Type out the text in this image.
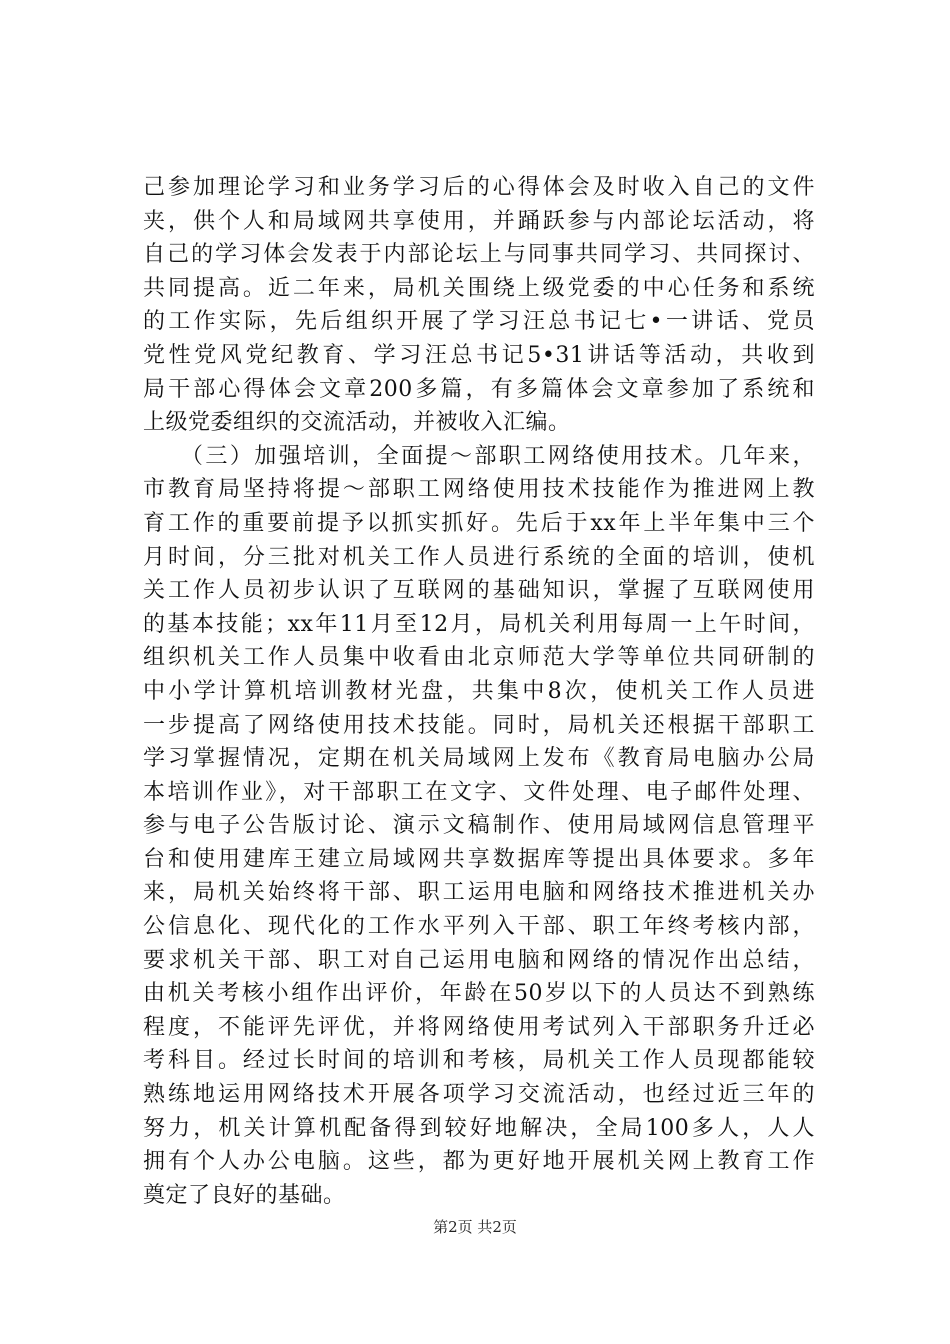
己参加理论学习和业务学习后的心得体会及时收入自己的文件
夹，供个人和局域网共享使用，并踊跃参与内部论坛活动，将
自己的学习体会发表于内部论坛上与同事共同学习、共同探讨、
共同提高。近二年来，局机关围绕上级党委的中心任务和系统
的工作实际，先后组织开展了学习汪总书记七•一讲话、党员
党性党风党纪教育、学习汪总书记5•31讲话等活动，共收到
局干部心得体会文章200多篇，有多篇体会文章参加了系统和
上级党委组织的交流活动，并被收入汇编。
　　（三）加强培训，全面提～部职工网络使用技术。几年来，
市教育局坚持将提～部职工网络使用技术技能作为推进网上教
育工作的重要前提予以抓实抓好。先后于xx年上半年集中三个
月时间，分三批对机关工作人员进行系统的全面的培训，使机
关工作人员初步认识了互联网的基础知识，掌握了互联网使用
的基本技能；xx年11月至12月，局机关利用每周一上午时间，
组织机关工作人员集中收看由北京师范大学等单位共同研制的
中小学计算机培训教材光盘，共集中8次，使机关工作人员进
一步提高了网络使用技术技能。同时，局机关还根据干部职工
学习掌握情况，定期在机关局域网上发布《教育局电脑办公局
本培训作业》，对干部职工在文字、文件处理、电子邮件处理、
参与电子公告版讨论、演示文稿制作、使用局域网信息管理平
台和使用建库王建立局域网共享数据库等提出具体要求。多年
来，局机关始终将干部、职工运用电脑和网络技术推进机关办
公信息化、现代化的工作水平列入干部、职工年终考核内部，
要求机关干部、职工对自己运用电脑和网络的情况作出总结，
由机关考核小组作出评价，年龄在50岁以下的人员达不到熟练
程度，不能评先评优，并将网络使用考试列入干部职务升迁必
考科目。经过长时间的培训和考核，局机关工作人员现都能较
熟练地运用网络技术开展各项学习交流活动，也经过近三年的
努力，机关计算机配备得到较好地解决，全局100多人，人人
拥有个人办公电脑。这些，都为更好地开展机关网上教育工作
奠定了良好的基础。
第2页 共2页
